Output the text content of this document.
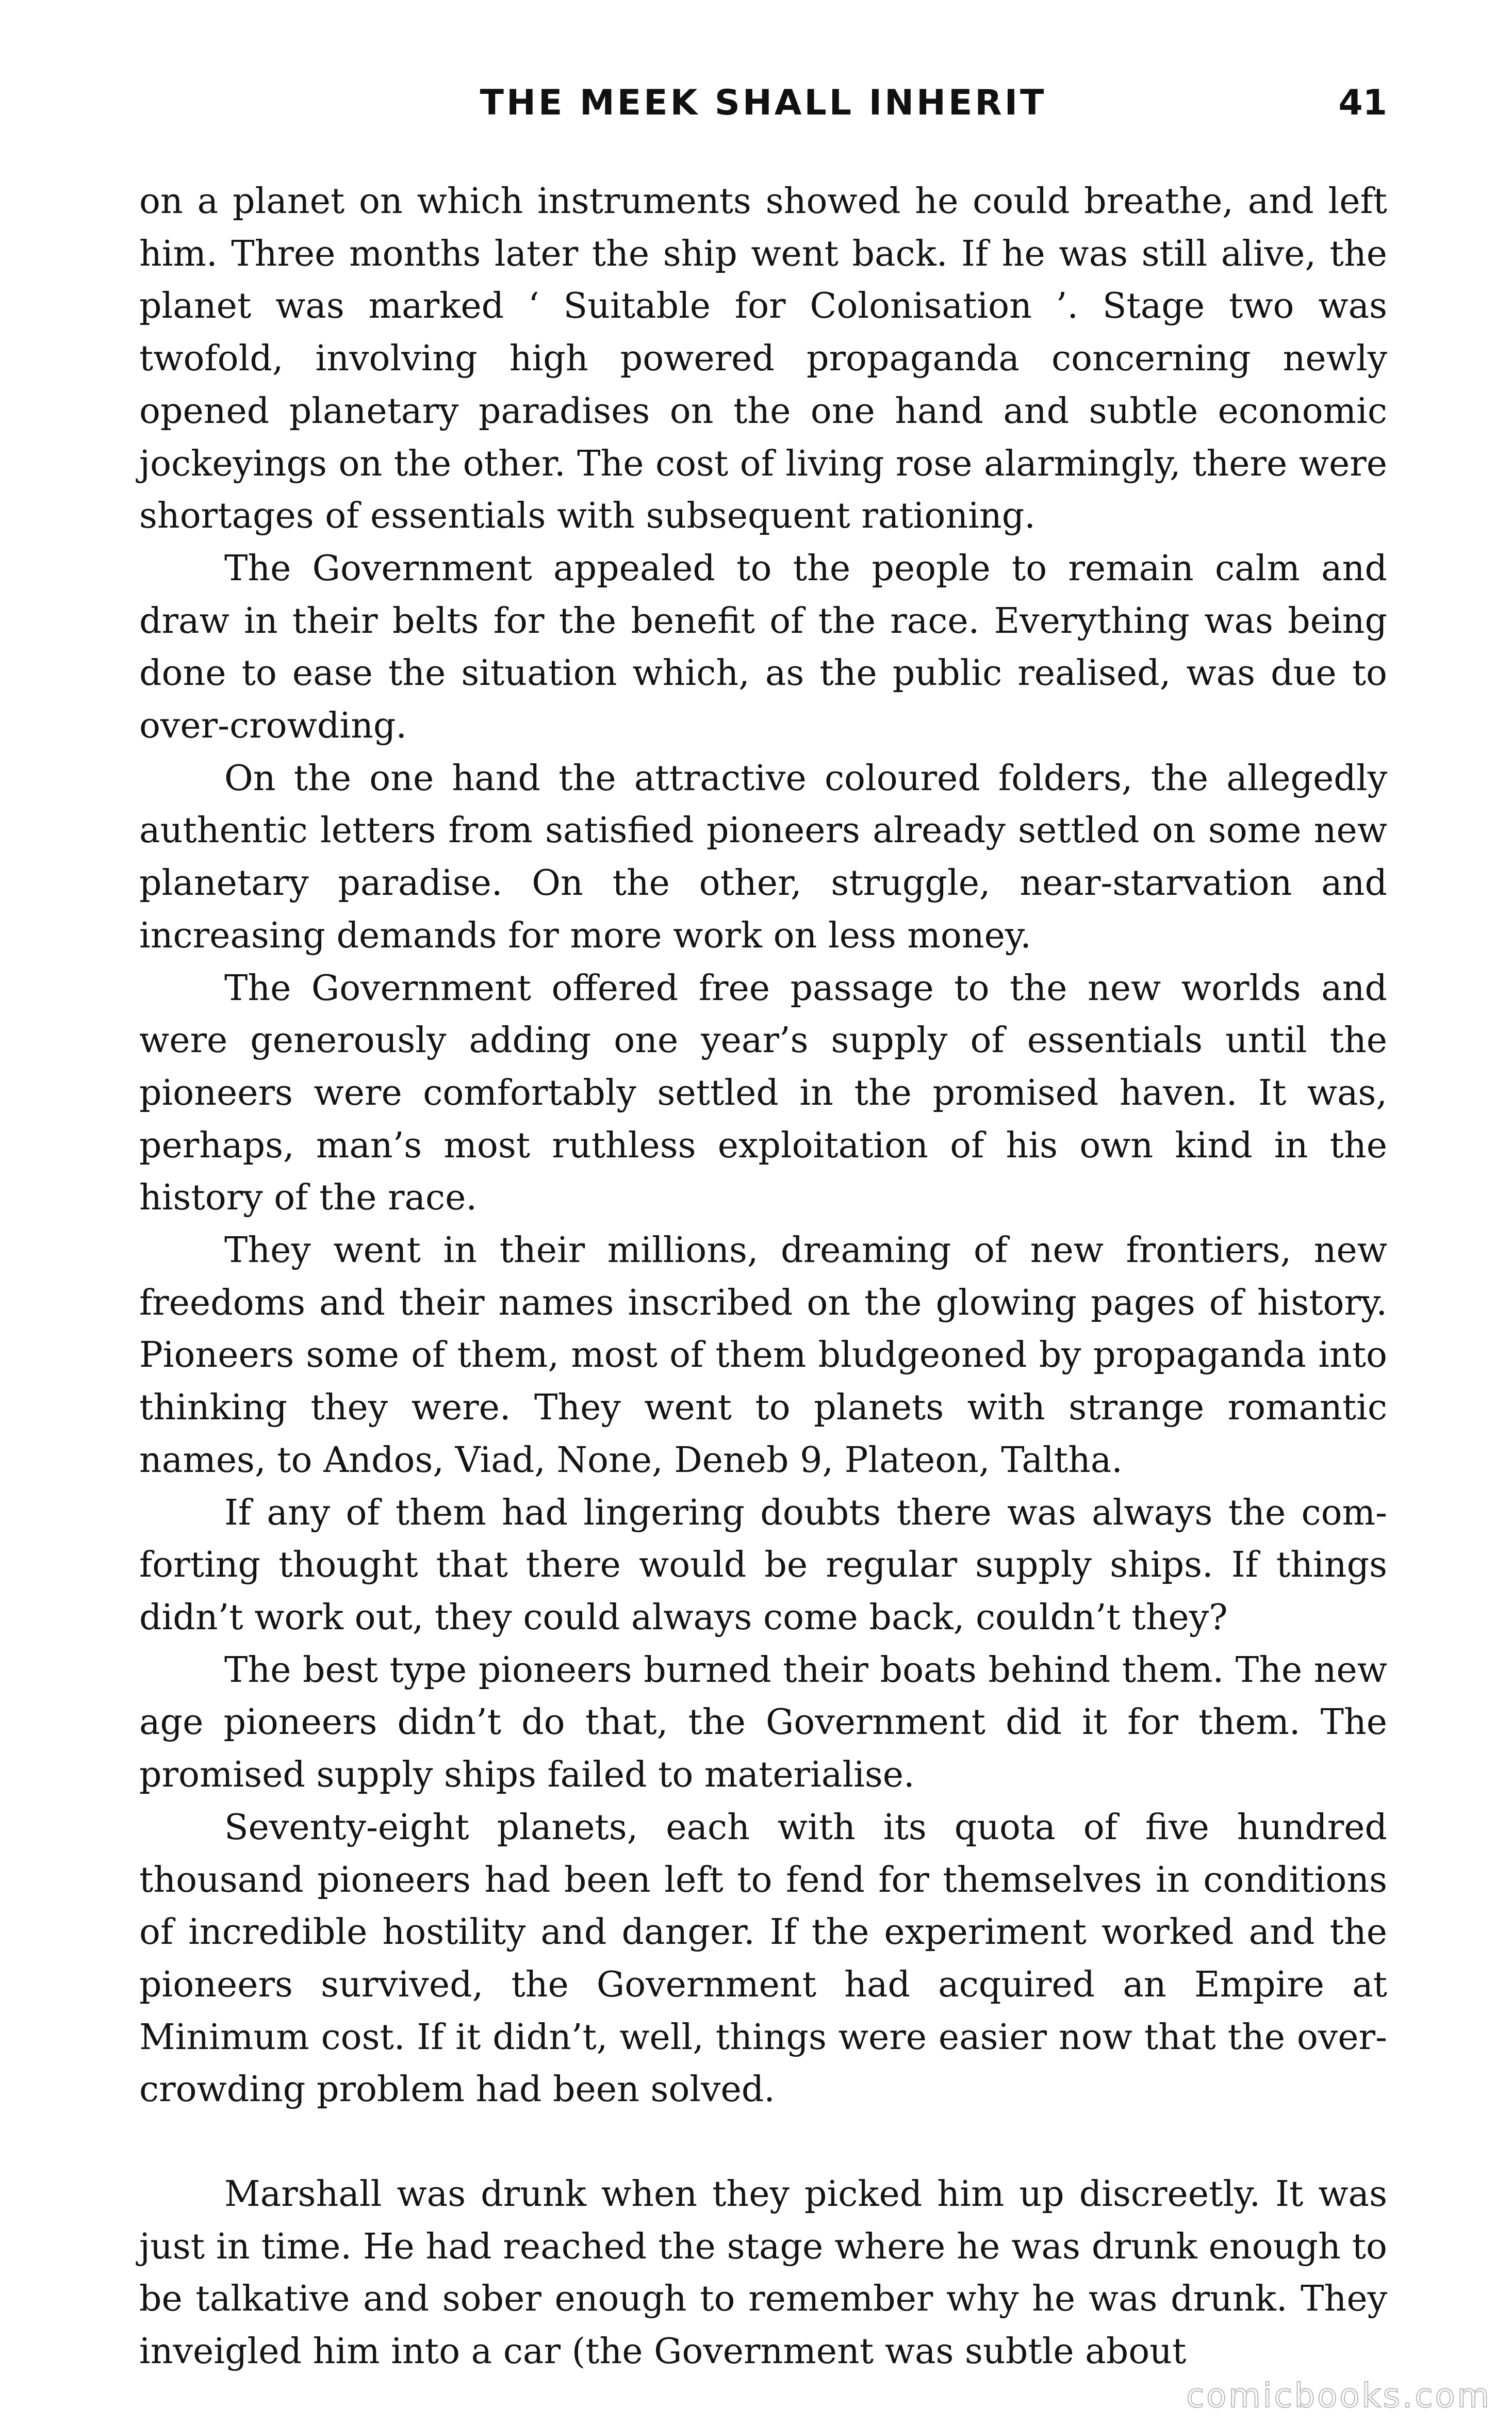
THE MEEK SHALL INHERIT	41

on a planet on which instruments showed he could breathe, and left him. Three months later the ship went back. If he was still alive, the planet was marked ‘ Suitable for Colonisation ’. Stage two was twofold, involving high powered propaganda concerning newly opened planetary paradises on the one hand and subtle economic jockeyings on the other. The cost of living rose alarmingly, there were shortages of essentials with subsequent rationing.

The Government appealed to the people to remain calm and draw in their belts for the benefit of the race. Everything was being done to ease the situation which, as the public realised, was due to over-crowding.

On the one hand the attractive coloured folders, the allegedly authentic letters from satisfied pioneers already settled on some new planetary paradise. On the other, struggle, near-starvation and increasing demands for more work on less money.

The Government offered free passage to the new worlds and were generously adding one year’s supply of essentials until the pioneers were comfortably settled in the promised haven. It was, perhaps, man’s most ruthless exploitation of his own kind in the history of the race.

They went in their millions, dreaming of new frontiers, new freedoms and their names inscribed on the glowing pages of history. Pioneers some of them, most of them bludgeoned by propaganda into thinking they were. They went to planets with strange romantic names, to Andos, Viad, None, Deneb 9, Plateon, Taltha.

If any of them had lingering doubts there was always the comforting thought that there would be regular supply ships. If things didn’t work out, they could always come back, couldn’t they?

The best type pioneers burned their boats behind them. The new age pioneers didn’t do that, the Government did it for them. The promised supply ships failed to materialise.

Seventy-eight planets, each with its quota of five hundred thousand pioneers had been left to fend for themselves in conditions of incredible hostility and danger. If the experiment worked and the pioneers survived, the Government had acquired an Empire at Minimum cost. If it didn’t, well, things were easier now that the over-crowding problem had been solved.

Marshall was drunk when they picked him up discreetly. It was just in time. He had reached the stage where he was drunk enough to be talkative and sober enough to remember why he was drunk. They inveigled him into a car (the Government was subtle about

comicbooks.com
